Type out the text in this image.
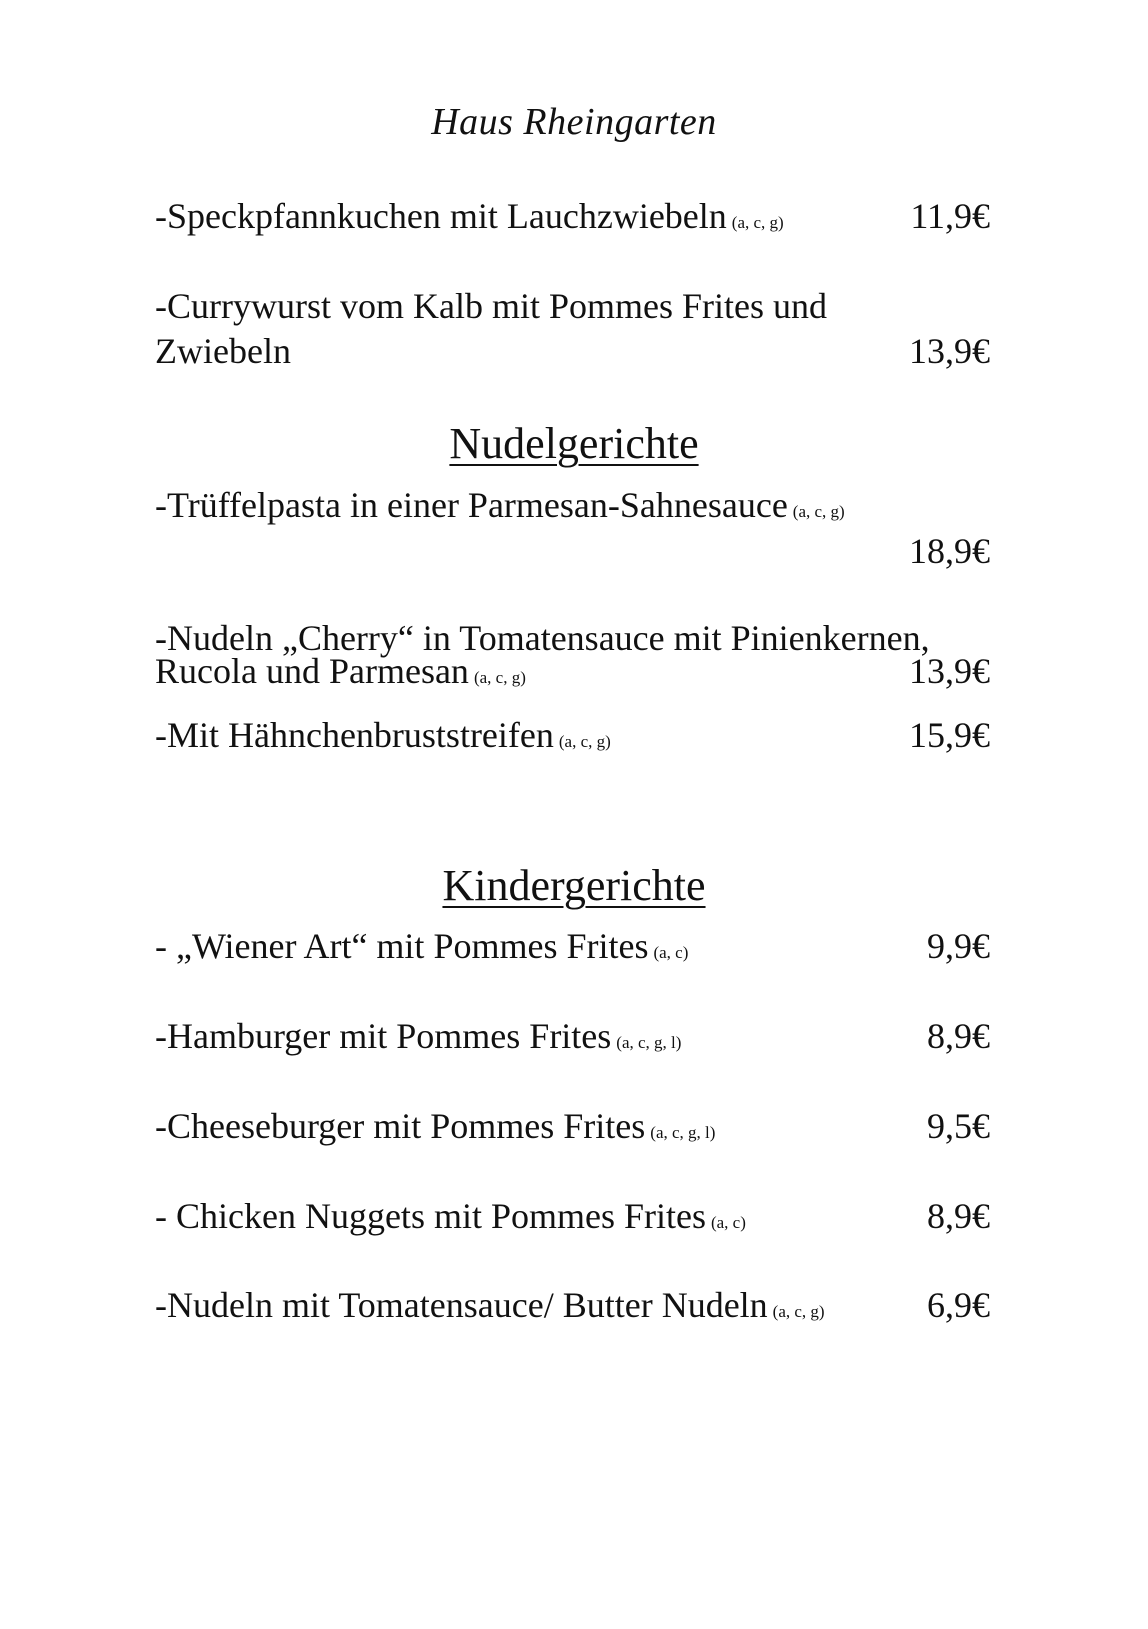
Haus Rheingarten
-Speckpfannkuchen mit Lauchzwiebeln (a, c, g)	11,9€
-Currywurst vom Kalb mit Pommes Frites und
Zwiebeln	13,9€
Nudelgerichte
-Trüffelpasta in einer Parmesan-Sahnesauce (a, c, g)
18,9€
-Nudeln „Cherry“ in Tomatensauce mit Pinienkernen,
Rucola und Parmesan (a, c, g)	13,9€
-Mit Hähnchenbruststreifen (a, c, g)	15,9€
Kindergerichte
- „Wiener Art“ mit Pommes Frites (a, c)	9,9€
-Hamburger mit Pommes Frites (a, c, g, l)	8,9€
-Cheeseburger mit Pommes Frites (a, c, g, l)	9,5€
- Chicken Nuggets mit Pommes Frites (a, c)	8,9€
-Nudeln mit Tomatensauce/ Butter Nudeln (a, c, g)	6,9€
